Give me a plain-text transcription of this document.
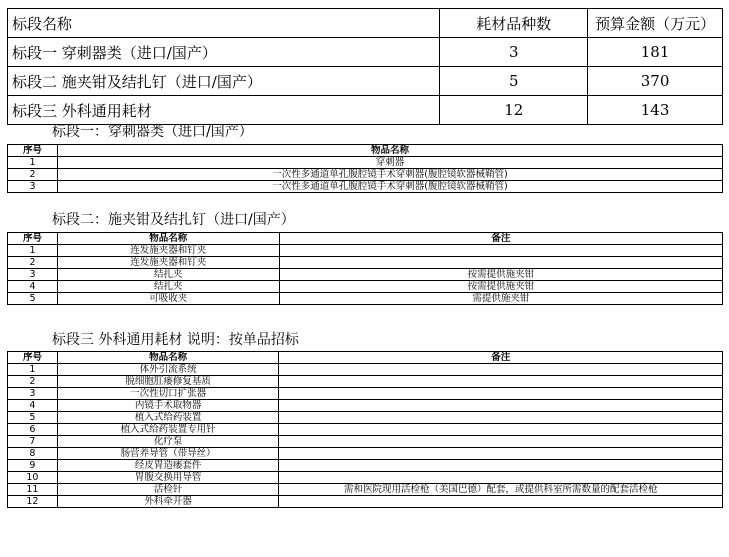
标段名称	耗材品种数	预算金额（万元）
标段一 穿刺器类（进口/国产）	3	181
标段二 施夹钳及结扎钉（进口/国产）	5	370
标段三 外科通用耗材	12	143
标段一：穿刺器类（进口/国产）
序号	物品名称
1	穿刺器
2	一次性多通道单孔腹腔镜手术穿刺器(腹腔镜软器械鞘管)
3	一次性多通道单孔腹腔镜手术穿刺器(腹腔镜软器械鞘管)
标段二：施夹钳及结扎钉（进口/国产）
序号	物品名称	备注
1	连发施夹器和钉夹	
2	连发施夹器和钉夹	
3	结扎夹	按需提供施夹钳
4	结扎夹	按需提供施夹钳
5	可吸收夹	需提供施夹钳
标段三 外科通用耗材 说明：按单品招标
序号	物品名称	备注
1	体外引流系统	
2	脱细胞肛瘘修复基质	
3	一次性切口扩张器	
4	内镜手术取物器	
5	植入式给药装置	
6	植入式给药装置专用针	
7	化疗泵	
8	肠营养导管（带导丝）	
9	经皮胃造瘘套件	
10	胃腹交换用导管	
11	活检针	需和医院现用活检枪（美国巴德）配套，或提供科室所需数量的配套活检枪
12	外科牵开器	
